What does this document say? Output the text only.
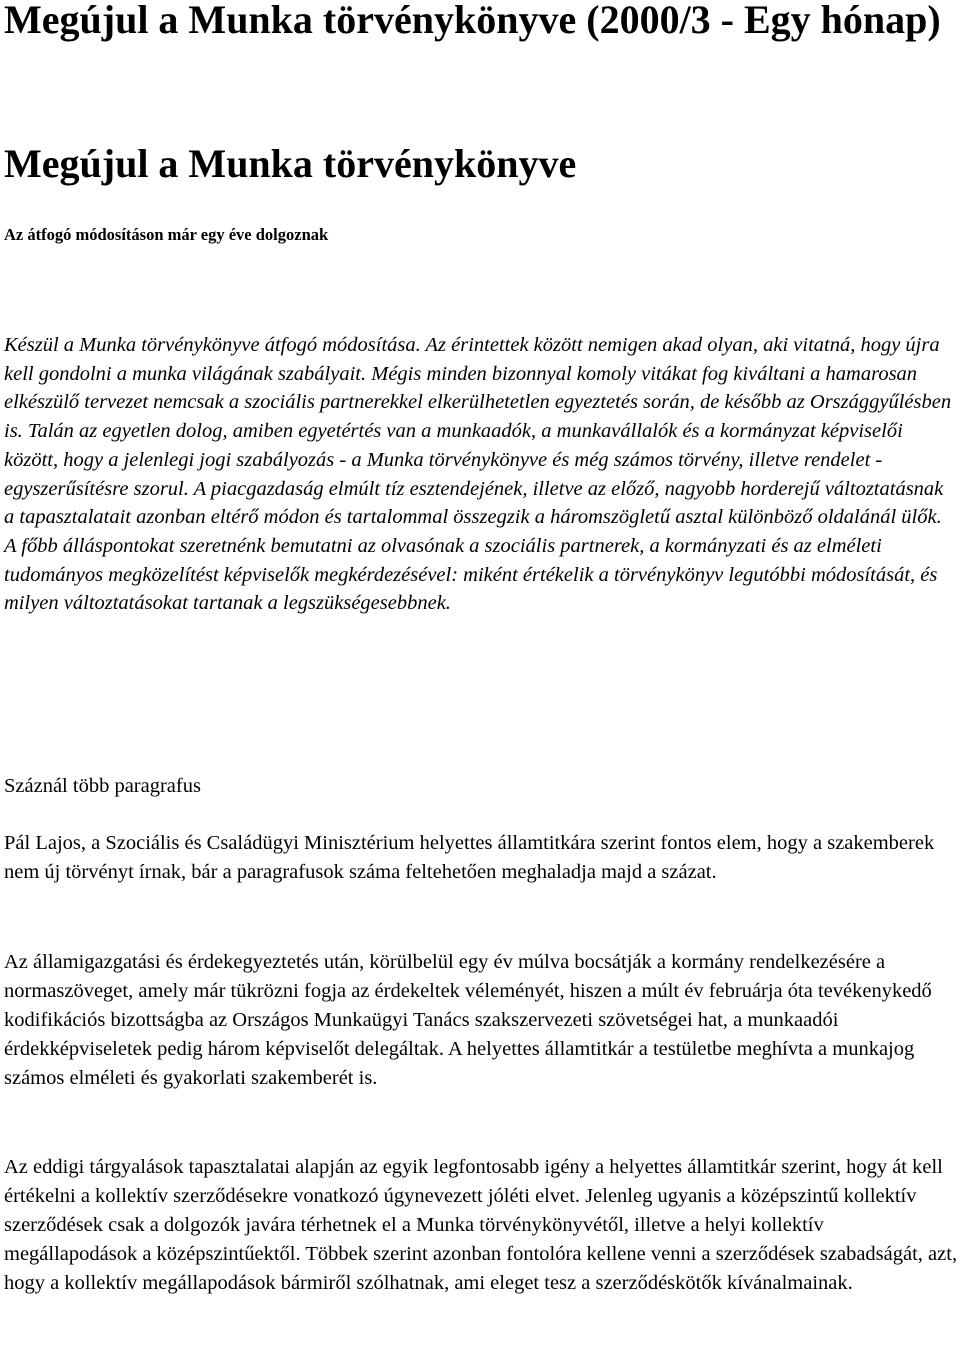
Megújul a Munka törvénykönyve (2000/3 - Egy hónap)
Megújul a Munka törvénykönyve

Az átfogó módosításon már egy éve dolgoznak

Készül a Munka törvénykönyve átfogó módosítása. Az érintettek között nemigen akad olyan, aki vitatná, hogy újra kell gondolni a munka világának szabályait. Mégis minden bizonnyal komoly vitákat fog kiváltani a hamarosan elkészülő tervezet nemcsak a szociális partnerekkel elkerülhetetlen egyeztetés során, de később az Országgyűlésben is. Talán az egyetlen dolog, amiben egyetértés van a munkaadók, a munkavállalók és a kormányzat képviselői között, hogy a jelenlegi jogi szabályozás - a Munka törvénykönyve és még számos törvény, illetve rendelet - egyszerűsítésre szorul. A piacgazdaság elmúlt tíz esztendejének, illetve az előző, nagyobb horderejű változtatásnak a tapasztalatait azonban eltérő módon és tartalommal összegzik a háromszögletű asztal különböző oldalánál ülők. A főbb álláspontokat szeretnénk bemutatni az olvasónak a szociális partnerek, a kormányzati és az elméleti tudományos megközelítést képviselők megkérdezésével: miként értékelik a törvénykönyv legutóbbi módosítását, és milyen változtatásokat tartanak a legszükségesebbnek.

Száznál több paragrafus

Pál Lajos, a Szociális és Családügyi Minisztérium helyettes államtitkára szerint fontos elem, hogy a szakemberek nem új törvényt írnak, bár a paragrafusok száma feltehetően meghaladja majd a százat.

Az államigazgatási és érdekegyeztetés után, körülbelül egy év múlva bocsátják a kormány rendelkezésére a normaszöveget, amely már tükrözni fogja az érdekeltek véleményét, hiszen a múlt év februárja óta tevékenykedő kodifikációs bizottságba az Országos Munkaügyi Tanács szakszervezeti szövetségei hat, a munkaadói érdekképviseletek pedig három képviselőt delegáltak. A helyettes államtitkár a testületbe meghívta a munkajog számos elméleti és gyakorlati szakemberét is.

Az eddigi tárgyalások tapasztalatai alapján az egyik legfontosabb igény a helyettes államtitkár szerint, hogy át kell értékelni a kollektív szerződésekre vonatkozó úgynevezett jóléti elvet. Jelenleg ugyanis a középszintű kollektív szerződések csak a dolgozók javára térhetnek el a Munka törvénykönyvétől, illetve a helyi kollektív megállapodások a középszintűektől. Többek szerint azonban fontolóra kellene venni a szerződések szabadságát, azt, hogy a kollektív megállapodások bármiről szólhatnak, ami eleget tesz a szerződéskötők kívánalmainak.
